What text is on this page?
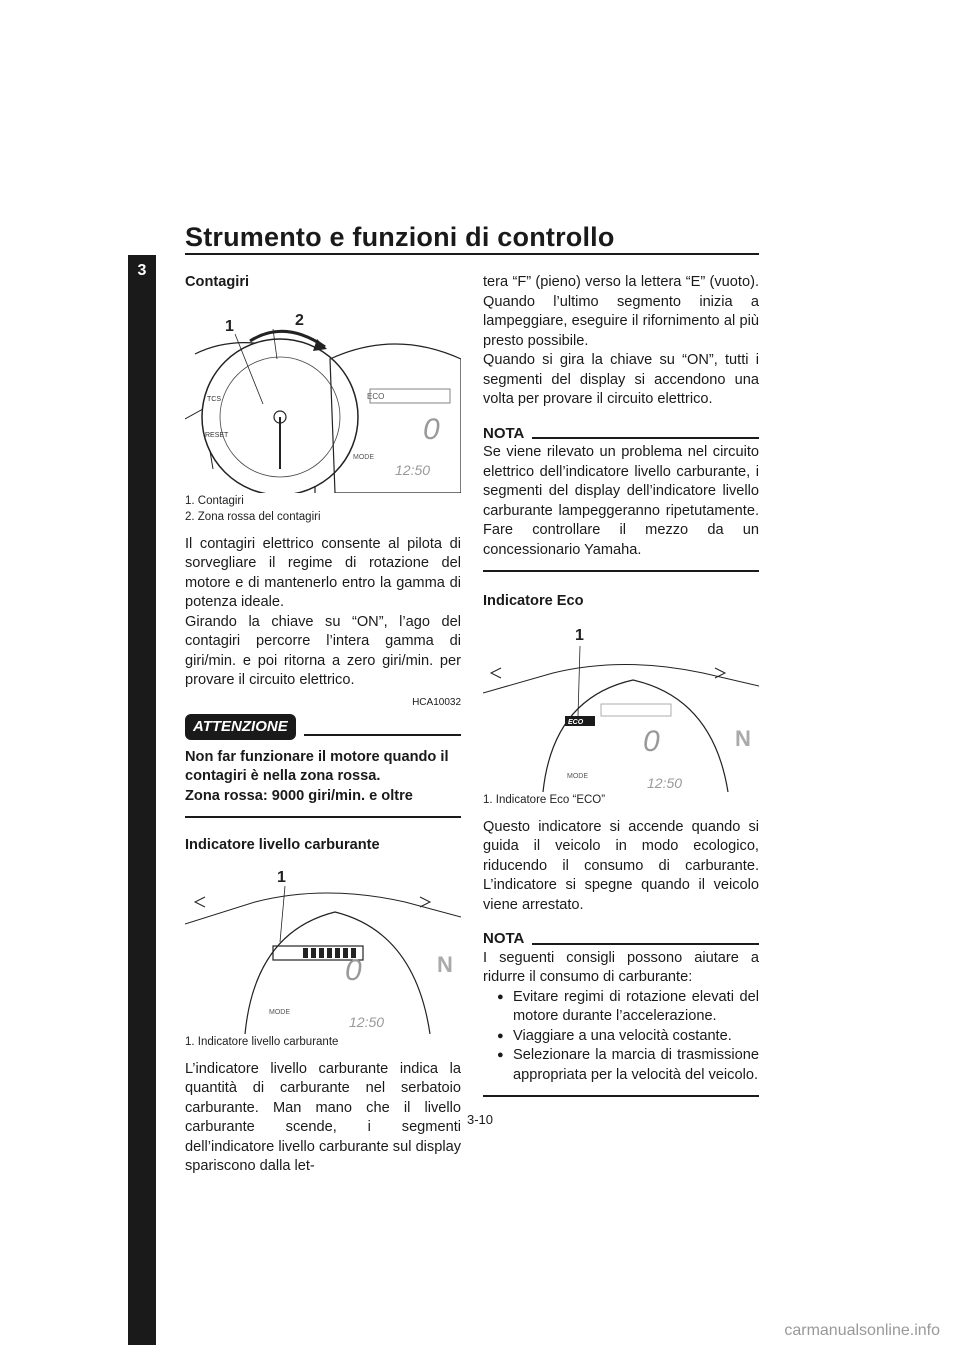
Strumento e funzioni di controllo
3
Contagiri
1	2
TCS
RESET
ECO
0
MODE
12:50
1. Contagiri
2. Zona rossa del contagiri

Il contagiri elettrico consente al pilota di sorvegliare il regime di rotazione del motore e di mantenerlo entro la gamma di potenza ideale.

Girando la chiave su “ON”, l’ago del contagiri percorre l’intera gamma di giri/min. e poi ritorna a zero giri/min. per provare il circuito elettrico.

HCA10032
ATTENZIONE
Non far funzionare il motore quando il contagiri è nella zona rossa.
Zona rossa: 9000 giri/min. e oltre
Indicatore livello carburante
1
0
MODE
12:50
N
1. Indicatore livello carburante

L’indicatore livello carburante indica la quantità di carburante nel serbatoio carburante. Man mano che il livello carburante scende, i segmenti dell’indicatore livello carburante sul display spariscono dalla let-

tera “F” (pieno) verso la lettera “E” (vuoto). Quando l’ultimo segmento inizia a lampeggiare, eseguire il rifornimento al più presto possibile.

Quando si gira la chiave su “ON”, tutti i segmenti del display si accendono una volta per provare il circuito elettrico.

NOTA

Se viene rilevato un problema nel circuito elettrico dell’indicatore livello carburante, i segmenti del display dell’indicatore livello carburante lampeggeranno ripetutamente. Fare controllare il mezzo da un concessionario Yamaha.

Indicatore Eco
1
ECO
0
MODE	12:50
N
1. Indicatore Eco “ECO”

Questo indicatore si accende quando si guida il veicolo in modo ecologico, riducendo il consumo di carburante. L’indicatore si spegne quando il veicolo viene arrestato.

NOTA

I seguenti consigli possono aiutare a ridurre il consumo di carburante:

● Evitare regimi di rotazione elevati del motore durante l’accelerazione.
● Viaggiare a una velocità costante.
● Selezionare la marcia di trasmissione appropriata per la velocità del veicolo.
3-10
carmanualsonline.info
